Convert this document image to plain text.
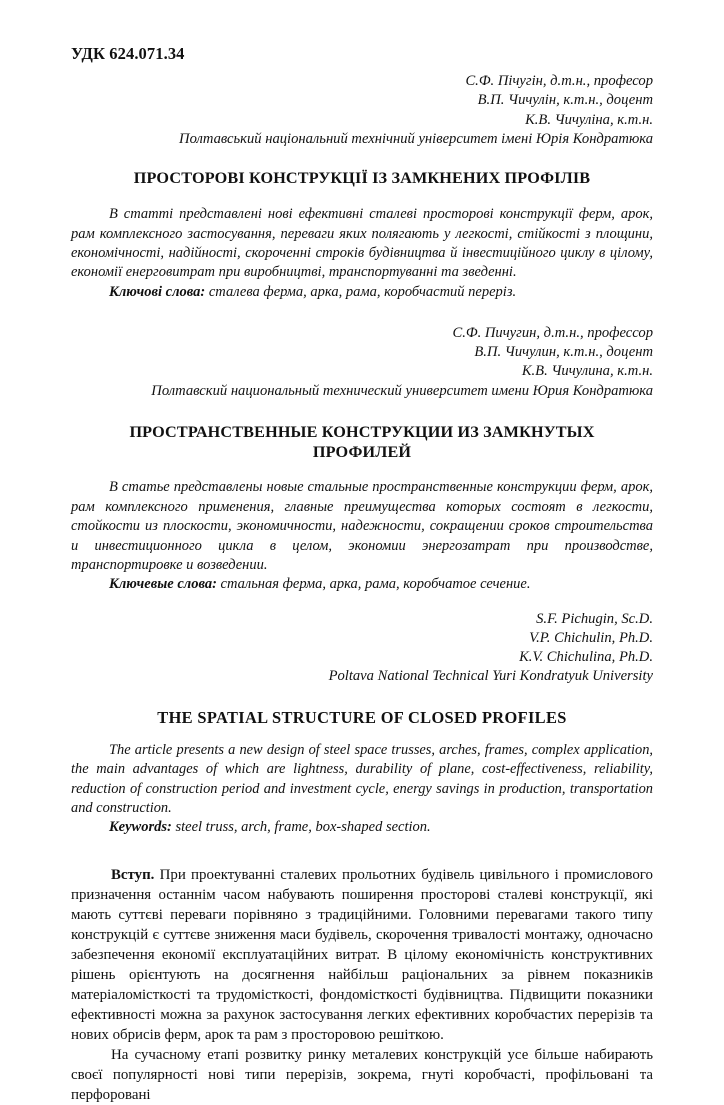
УДК 624.071.34
С.Ф. Пічугін, д.т.н., професор
В.П. Чичулін, к.т.н., доцент
К.В. Чичуліна, к.т.н.
Полтавський національний технічний університет імені Юрія Кондратюка
ПРОСТОРОВІ КОНСТРУКЦІЇ ІЗ ЗАМКНЕНИХ ПРОФІЛІВ

В статті представлені нові ефективні сталеві просторові конструкції ферм, арок, рам комплексного застосування, переваги яких полягають у легкості, стійкості з площини, економічності, надійності, скороченні строків будівництва й інвестиційного циклу в цілому, економії енерговитрат при виробництві, транспортуванні та зведенні.

Ключові слова: сталева ферма, арка, рама, коробчастий переріз.

С.Ф. Пичугин, д.т.н., профессор
В.П. Чичулин, к.т.н., доцент
К.В. Чичулина, к.т.н.
Полтавский национальный технический университет имени Юрия Кондратюка
ПРОСТРАНСТВЕННЫЕ КОНСТРУКЦИИ ИЗ ЗАМКНУТЫХ ПРОФИЛЕЙ

В статье представлены новые стальные пространственные конструкции ферм, арок, рам комплексного применения, главные преимущества которых состоят в легкости, стойкости из плоскости, экономичности, надежности, сокращении сроков строительства и инвестиционного цикла в целом, экономии энергозатрат при производстве, транспортировке и возведении.

Ключевые слова: стальная ферма, арка, рама, коробчатое сечение.

S.F. Pichugin, Sc.D.
V.P. Chichulin, Ph.D.
K.V. Chichulina, Ph.D.
Poltava National Technical Yuri Kondratyuk University
THE SPATIAL STRUCTURE OF CLOSED PROFILES

The article presents a new design of steel space trusses, arches, frames, complex application, the main advantages of which are lightness, durability of plane, cost-effectiveness, reliability, reduction of construction period and investment cycle, energy savings in production, transportation and construction.

Keywords: steel truss, arch, frame, box-shaped section.

Вступ. При проектуванні сталевих прольотних будівель цивільного і промислового призначення останнім часом набувають поширення просторові сталеві конструкції, які мають суттєві переваги порівняно з традиційними. Головними перевагами такого типу конструкцій є суттєве зниження маси будівель, скорочення тривалості монтажу, одночасно забезпечення економії експлуатаційних витрат. В цілому економічність конструктивних рішень орієнтують на досягнення найбільш раціональних за рівнем показників матеріаломісткості та трудомісткості, фондомісткості будівництва. Підвищити показники ефективності можна за рахунок застосування легких ефективних коробчастих перерізів та нових обрисів ферм, арок та рам з просторовою решіткою.

На сучасному етапі розвитку ринку металевих конструкцій усе більше набирають своєї популярності нові типи перерізів, зокрема, гнуті коробчасті, профільовані та перфоровані
